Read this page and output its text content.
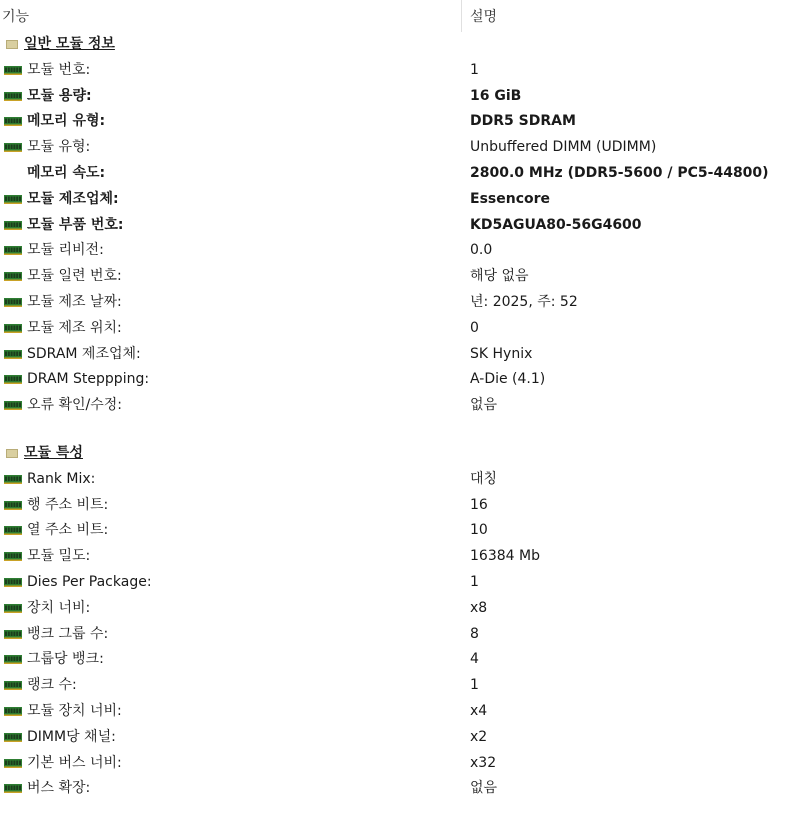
기능	설명
일반 모듈 정보
모듈 번호:	1
모듈 용량:	16 GiB
메모리 유형:	DDR5 SDRAM
모듈 유형:	Unbuffered DIMM (UDIMM)
메모리 속도:	2800.0 MHz (DDR5-5600 / PC5-44800)
모듈 제조업체:	Essencore
모듈 부품 번호:	KD5AGUA80-56G4600
모듈 리비전:	0.0
모듈 일련 번호:	해당 없음
모듈 제조 날짜:	년: 2025, 주: 52
모듈 제조 위치:	0
SDRAM 제조업체:	SK Hynix
DRAM Steppping:	A-Die (4.1)
오류 확인/수정:	없음
모듈 특성
Rank Mix:	대칭
행 주소 비트:	16
열 주소 비트:	10
모듈 밀도:	16384 Mb
Dies Per Package:	1
장치 너비:	x8
뱅크 그룹 수:	8
그룹당 뱅크:	4
랭크 수:	1
모듈 장치 너비:	x4
DIMM당 채널:	x2
기본 버스 너비:	x32
버스 확장:	없음
